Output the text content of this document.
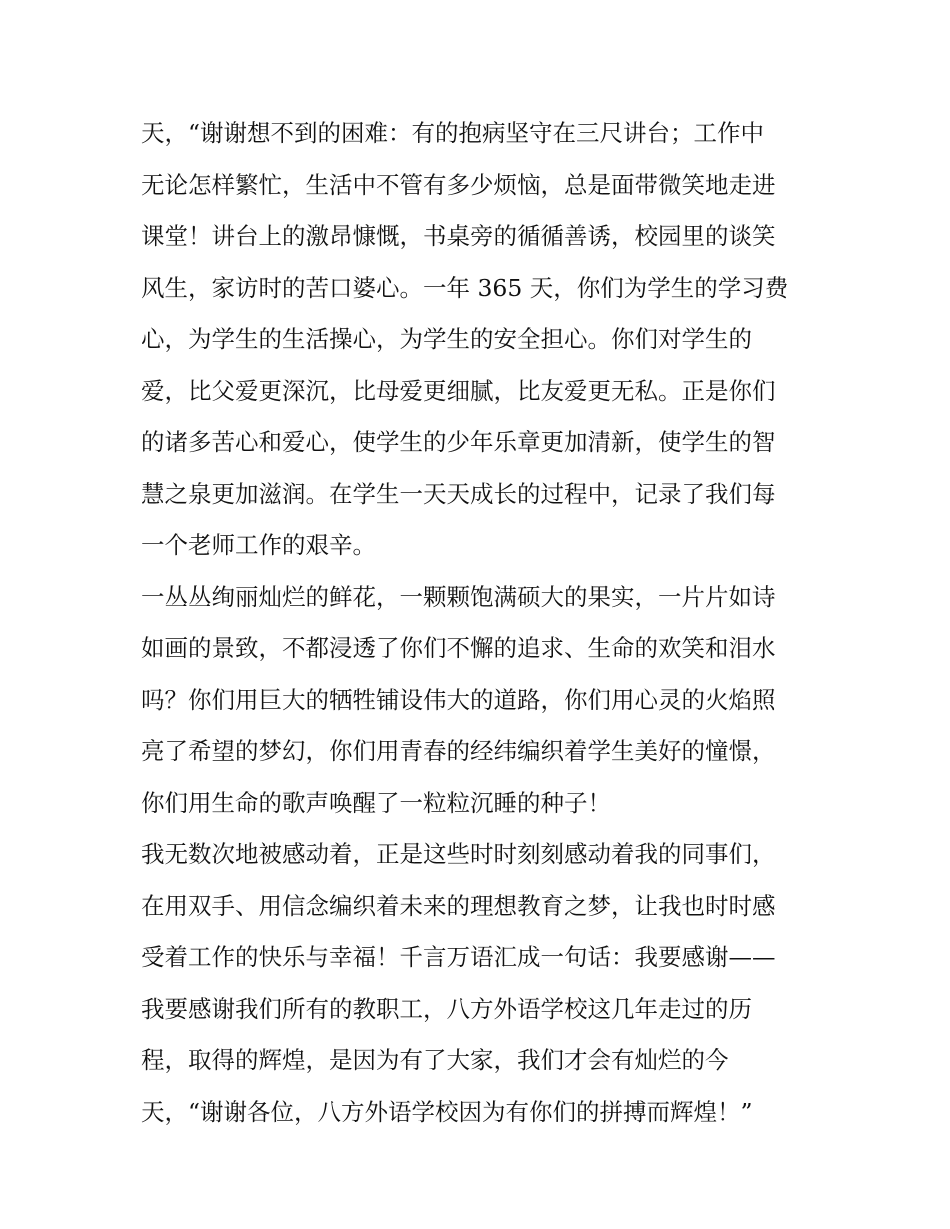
天，“谢谢想不到的困难：有的抱病坚守在三尺讲台；工作中
无论怎样繁忙，生活中不管有多少烦恼，总是面带微笑地走进
课堂！讲台上的激昂慷慨，书桌旁的循循善诱，校园里的谈笑
风生，家访时的苦口婆心。一年 365 天，你们为学生的学习费
心，为学生的生活操心，为学生的安全担心。你们对学生的
爱，比父爱更深沉，比母爱更细腻，比友爱更无私。正是你们
的诸多苦心和爱心，使学生的少年乐章更加清新，使学生的智
慧之泉更加滋润。在学生一天天成长的过程中，记录了我们每
一个老师工作的艰辛。
一丛丛绚丽灿烂的鲜花，一颗颗饱满硕大的果实，一片片如诗
如画的景致，不都浸透了你们不懈的追求、生命的欢笑和泪水
吗？你们用巨大的牺牲铺设伟大的道路，你们用心灵的火焰照
亮了希望的梦幻，你们用青春的经纬编织着学生美好的憧憬，
你们用生命的歌声唤醒了一粒粒沉睡的种子！
我无数次地被感动着，正是这些时时刻刻感动着我的同事们，
在用双手、用信念编织着未来的理想教育之梦，让我也时时感
受着工作的快乐与幸福！千言万语汇成一句话：我要感谢——
我要感谢我们所有的教职工，八方外语学校这几年走过的历
程，取得的辉煌，是因为有了大家，我们才会有灿烂的今
天，“谢谢各位，八方外语学校因为有你们的拼搏而辉煌！”
